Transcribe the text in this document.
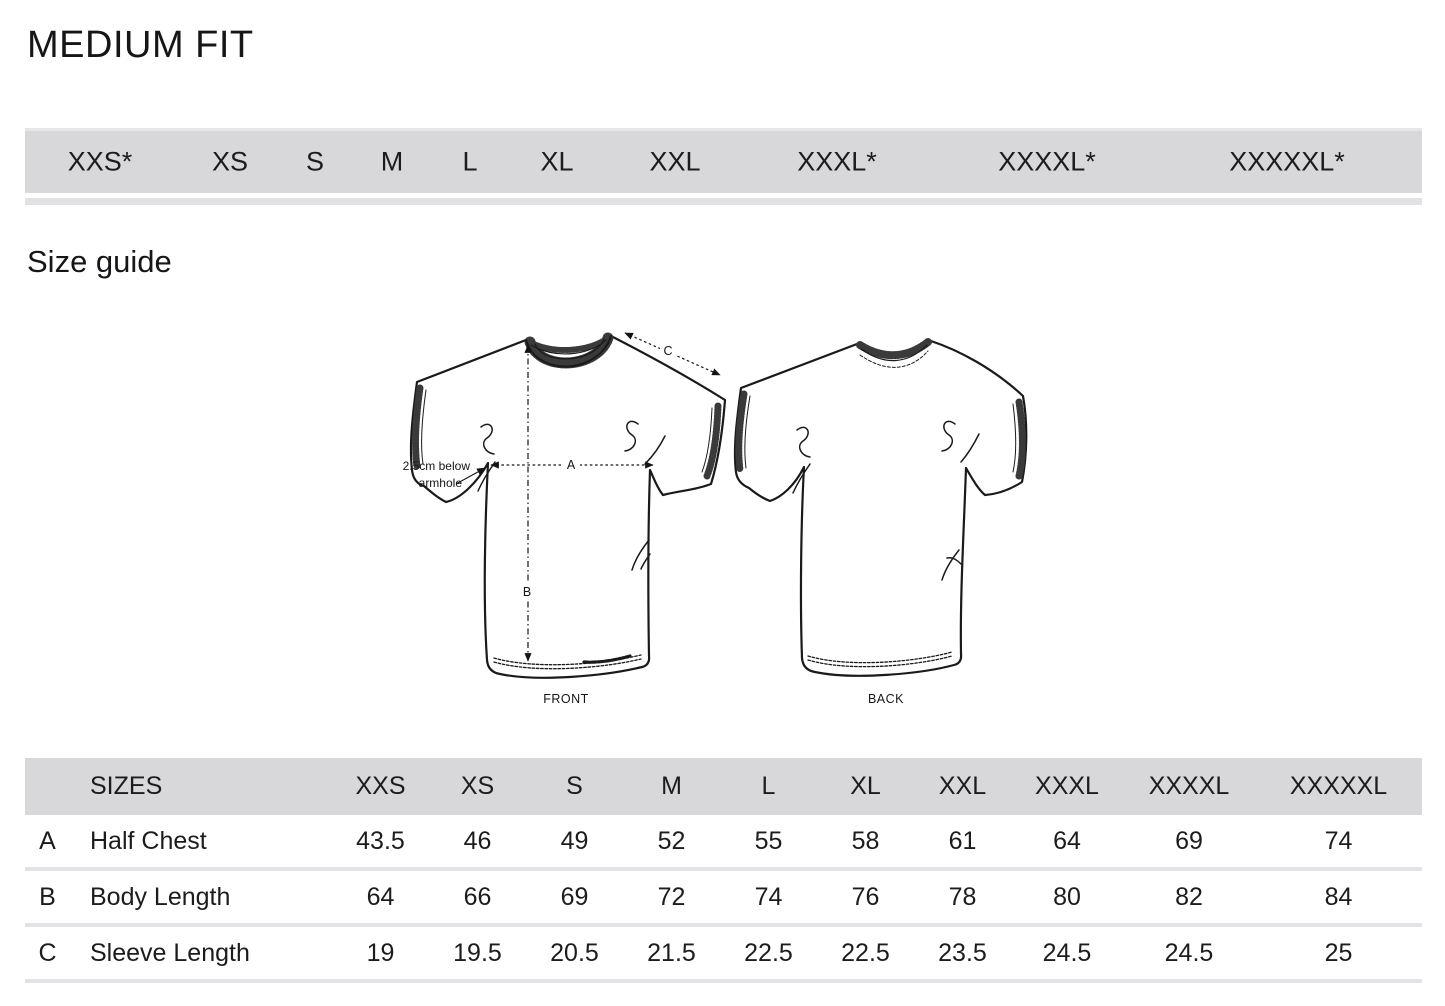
MEDIUM FIT
XXS*	XS S M L XL	XXL	XXXL*	XXXXL*	XXXXXL*
Size guide
A
B
C
2.5cm below
armhole
FRONT	BACK
	SIZES	XXS	XS	S	M	L	XL	XXL	XXXL	XXXXL	XXXXXL
A	Half Chest	43.5	46	49	52	55	58	61	64	69	74
B	Body Length	64	66	69	72	74	76	78	80	82	84
C	Sleeve Length	19	19.5	20.5	21.5	22.5	22.5	23.5	24.5	24.5	25
